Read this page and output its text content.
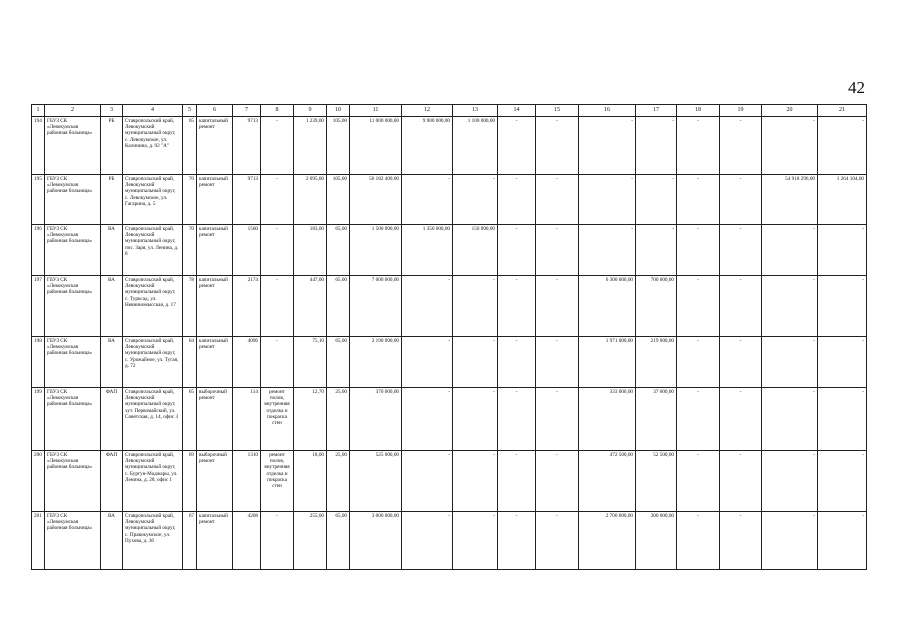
42
1	2	3	4	5	6	7	8	9	10	11	12	13	14	15	16	17	18	19	20	21
194	ГБУЗ СК «Левокумская районная больница»	РБ	Ставропольский край, Левокумский муниципальный округ, с. Левокумское, ул. Калинина, д. 92 "А"	65	капитальный ремонт	9713	-	1 239,00	105,00	11 000 000,00	9 900 000,00	1 100 000,00	-	-	-	-	-	-	-	-
195	ГБУЗ СК «Левокумская районная больница»	РБ	Ставропольский край, Левокумский муниципальный округ, с. Левокумское, ул. Гагарина, д. 5	70	капитальный ремонт	9713	-	2 095,00	105,00	56 182 400,00	-	-	-	-	-	-	-	-	54 918 296,00	1 264 104,00
196	ГБУЗ СК «Левокумская районная больница»	ВА	Ставропольский край, Левокумский муниципальный округ, пос. Заря, ул. Ленина, д. 8	70	капитальный ремонт	1560	-	183,00	65,00	1 500 000,00	1 350 000,00	150 000,00	-	-	-	-	-	-	-	-
197	ГБУЗ СК «Левокумская районная больница»	ВА	Ставропольский край, Левокумский муниципальный округ, с. Турксад, ул. Невинномысская, д. 17	78	капитальный ремонт	2174	-	447,00	65,00	7 000 000,00	-	-	-	-	6 300 000,00	700 000,00	-	-	-	-
198	ГБУЗ СК «Левокумская районная больница»	ВА	Ставропольский край, Левокумский муниципальный округ, с. Урожайное, ул. Тугая, д. 72	64	капитальный ремонт	4096	-	75,10	65,00	2 190 000,00	-	-	-	-	1 971 000,00	219 000,00	-	-	-	-
199	ГБУЗ СК «Левокумская районная больница»	ФАП	Ставропольский край, Левокумский муниципальный округ, хут. Первомайский, ул. Советская, д. 14, офис 3	65	выборочный ремонт	114	ремонт полов, внутренняя отделка и покраска стен	12,70	25,00	370 000,00	-	-	-	-	333 000,00	37 000,00	-	-	-	-
200	ГБУЗ СК «Левокумская районная больница»	ФАП	Ставропольский край, Левокумский муниципальный округ, с. Бургун-Маджары, ул. Ленина, д. 28, офис 1	69	выборочный ремонт	1310	ремонт полов, внутренняя отделка и покраска стен	18,00	25,00	525 000,00	-	-	-	-	472 500,00	52 500,00	-	-	-	-
201	ГБУЗ СК «Левокумская районная больница»	ВА	Ставропольский край, Левокумский муниципальный округ, с. Правокумское, ул. Пухова, д. 36	67	капитальный ремонт	4208	-	255,00	65,00	3 000 000,00	-	-	-	-	2 700 000,00	300 000,00	-	-	-	-
